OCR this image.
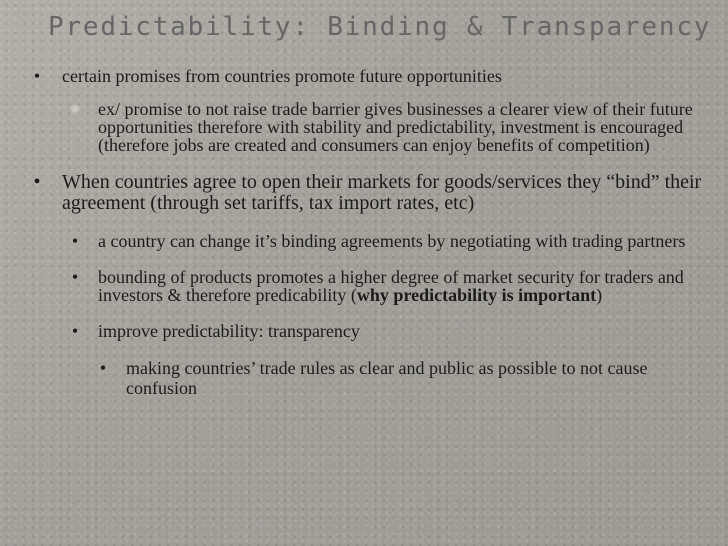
Predictability: Binding & Transparency
•	certain promises from countries promote future opportunities
✹ ex/ promise to not raise trade barrier gives businesses a clearer view of their future opportunities therefore with stability and predictability, investment is encouraged (therefore jobs are created and consumers can enjoy benefits of competition)
• When countries agree to open their markets for goods/services they “bind” their agreement (through set tariffs, tax import rates, etc)
•	a country can change it’s binding agreements by negotiating with trading partners
•	bounding of products promotes a higher degree of market security for traders and investors & therefore predicability (why predictability is important)
•	improve predictability: transparency
•	making countries’ trade rules as clear and public as possible to not cause confusion
